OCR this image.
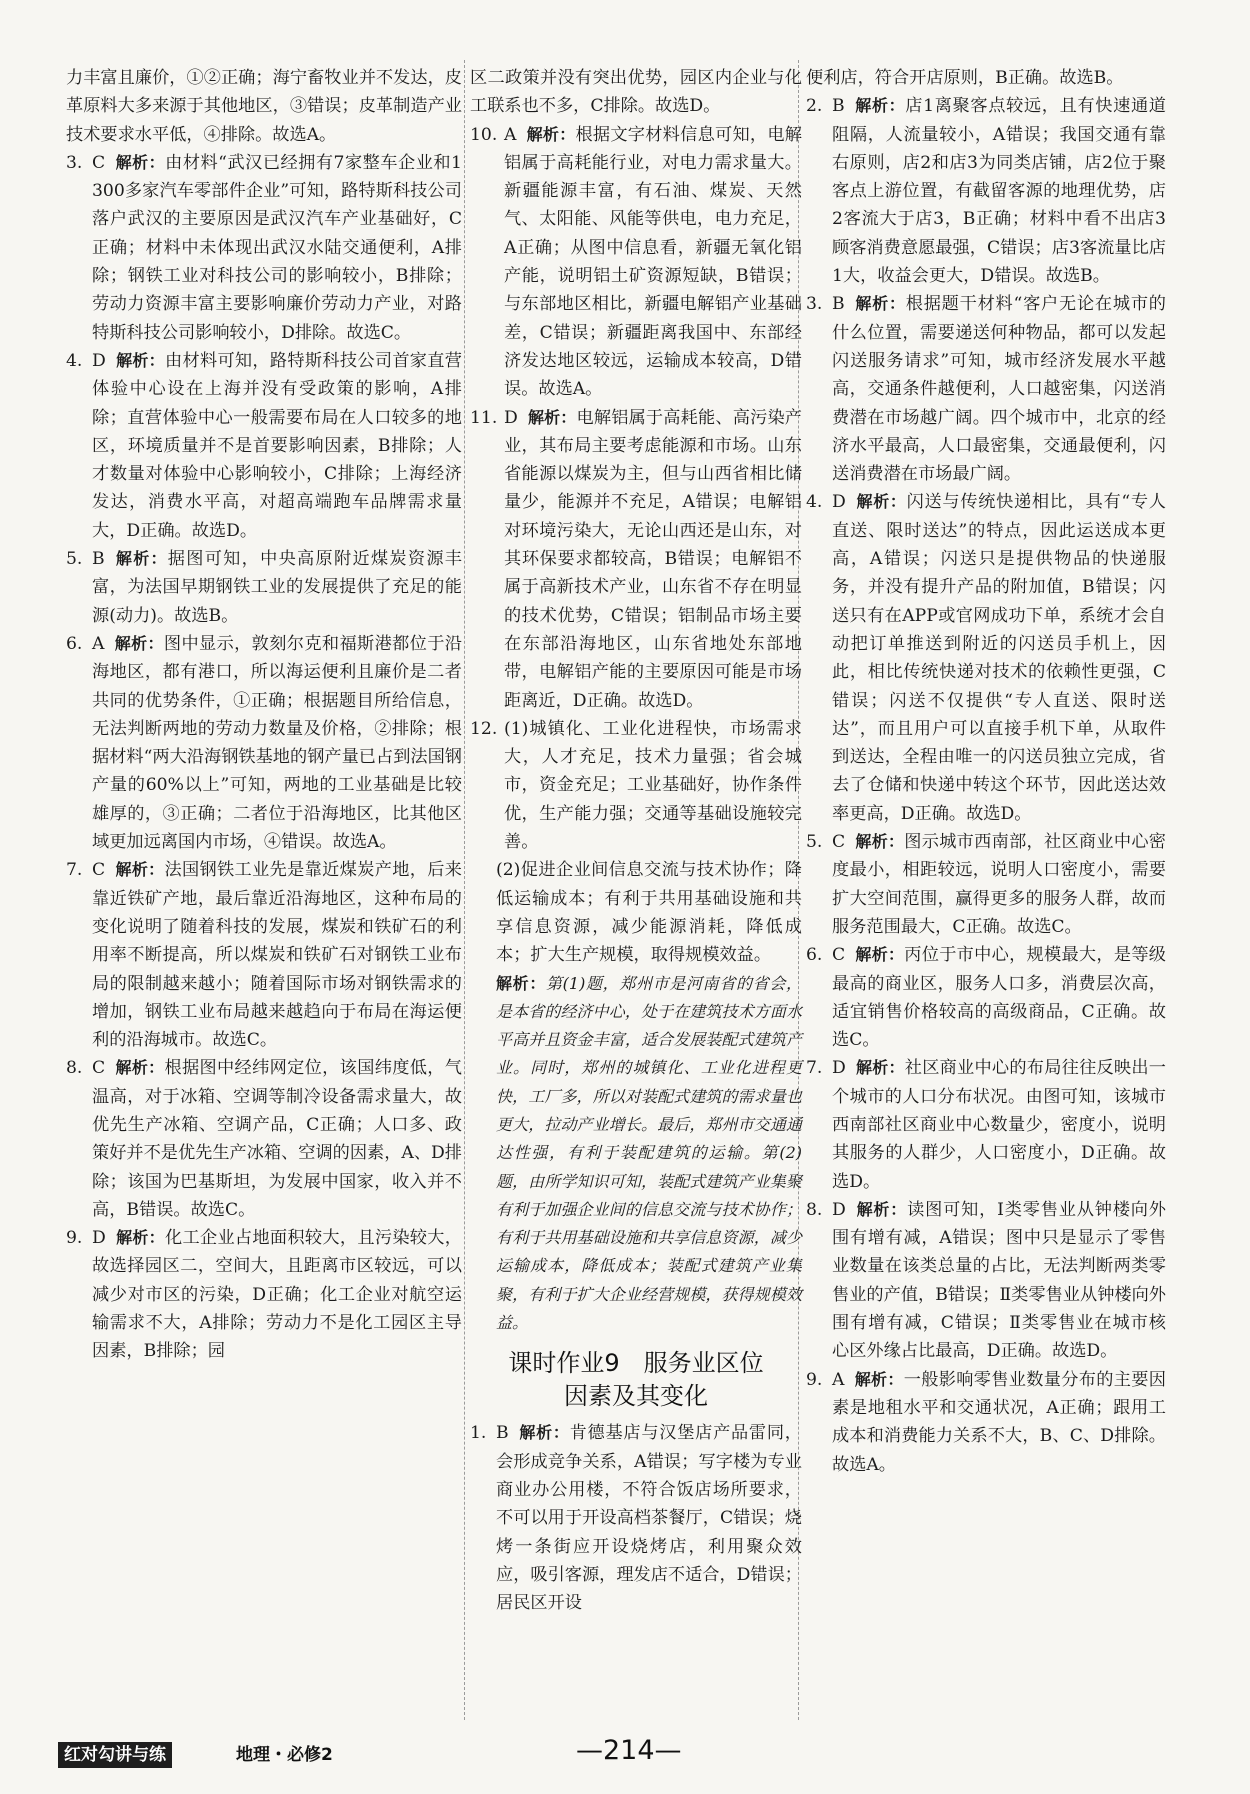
力丰富且廉价，①②正确；海宁畜牧业并不发达，皮革原料大多来源于其他地区，③错误；皮革制造产业技术要求水平低，④排除。故选A。

3. C 解析：由材料“武汉已经拥有7家整车企业和1 300多家汽车零部件企业”可知，路特斯科技公司落户武汉的主要原因是武汉汽车产业基础好，C正确；材料中未体现出武汉水陆交通便利，A排除；钢铁工业对科技公司的影响较小，B排除；劳动力资源丰富主要影响廉价劳动力产业，对路特斯科技公司影响较小，D排除。故选C。

4. D 解析：由材料可知，路特斯科技公司首家直营体验中心设在上海并没有受政策的影响，A排除；直营体验中心一般需要布局在人口较多的地区，环境质量并不是首要影响因素，B排除；人才数量对体验中心影响较小，C排除；上海经济发达，消费水平高，对超高端跑车品牌需求量大，D正确。故选D。

5. B 解析：据图可知，中央高原附近煤炭资源丰富，为法国早期钢铁工业的发展提供了充足的能源(动力)。故选B。

6. A 解析：图中显示，敦刻尔克和福斯港都位于沿海地区，都有港口，所以海运便利且廉价是二者共同的优势条件，①正确；根据题目所给信息，无法判断两地的劳动力数量及价格，②排除；根据材料“两大沿海钢铁基地的钢产量已占到法国钢产量的60%以上”可知，两地的工业基础是比较雄厚的，③正确；二者位于沿海地区，比其他区域更加远离国内市场，④错误。故选A。

7. C 解析：法国钢铁工业先是靠近煤炭产地，后来靠近铁矿产地，最后靠近沿海地区，这种布局的变化说明了随着科技的发展，煤炭和铁矿石的利用率不断提高，所以煤炭和铁矿石对钢铁工业布局的限制越来越小；随着国际市场对钢铁需求的增加，钢铁工业布局越来越趋向于布局在海运便利的沿海城市。故选C。

8. C 解析：根据图中经纬网定位，该国纬度低，气温高，对于冰箱、空调等制冷设备需求量大，故优先生产冰箱、空调产品，C正确；人口多、政策好并不是优先生产冰箱、空调的因素，A、D排除；该国为巴基斯坦，为发展中国家，收入并不高，B错误。故选C。

9. D 解析：化工企业占地面积较大，且污染较大，故选择园区二，空间大，且距离市区较远，可以减少对市区的污染，D正确；化工企业对航空运输需求不大，A排除；劳动力不是化工园区主导因素，B排除；园

区二政策并没有突出优势，园区内企业与化工联系也不多，C排除。故选D。

10. A 解析：根据文字材料信息可知，电解铝属于高耗能行业，对电力需求量大。新疆能源丰富，有石油、煤炭、天然气、太阳能、风能等供电，电力充足，A正确；从图中信息看，新疆无氧化铝产能，说明铝土矿资源短缺，B错误；与东部地区相比，新疆电解铝产业基础差，C错误；新疆距离我国中、东部经济发达地区较远，运输成本较高，D错误。故选A。

11. D 解析：电解铝属于高耗能、高污染产业，其布局主要考虑能源和市场。山东省能源以煤炭为主，但与山西省相比储量少，能源并不充足，A错误；电解铝对环境污染大，无论山西还是山东，对其环保要求都较高，B错误；电解铝不属于高新技术产业，山东省不存在明显的技术优势，C错误；铝制品市场主要在东部沿海地区，山东省地处东部地带，电解铝产能的主要原因可能是市场距离近，D正确。故选D。

12. (1)城镇化、工业化进程快，市场需求大，人才充足，技术力量强；省会城市，资金充足；工业基础好，协作条件优，生产能力强；交通等基础设施较完善。

(2)促进企业间信息交流与技术协作；降低运输成本；有利于共用基础设施和共享信息资源，减少能源消耗，降低成本；扩大生产规模，取得规模效益。

解析：第(1)题，郑州市是河南省的省会，是本省的经济中心，处于在建筑技术方面水平高并且资金丰富，适合发展装配式建筑产业。同时，郑州的城镇化、工业化进程更快，工厂多，所以对装配式建筑的需求量也更大，拉动产业增长。最后，郑州市交通通达性强，有利于装配建筑的运输。第(2)题，由所学知识可知，装配式建筑产业集聚有利于加强企业间的信息交流与技术协作；有利于共用基础设施和共享信息资源，减少运输成本，降低成本；装配式建筑产业集聚，有利于扩大企业经营规模，获得规模效益。

课时作业9　服务业区位
因素及其变化

1. B 解析：肯德基店与汉堡店产品雷同，会形成竞争关系，A错误；写字楼为专业商业办公用楼，不符合饭店场所要求，不可以用于开设高档茶餐厅，C错误；烧烤一条街应开设烧烤店，利用聚众效应，吸引客源，理发店不适合，D错误；居民区开设

便利店，符合开店原则，B正确。故选B。

2. B 解析：店1离聚客点较远，且有快速通道阻隔，人流量较小，A错误；我国交通有靠右原则，店2和店3为同类店铺，店2位于聚客点上游位置，有截留客源的地理优势，店2客流大于店3，B正确；材料中看不出店3顾客消费意愿最强，C错误；店3客流量比店1大，收益会更大，D错误。故选B。

3. B 解析：根据题干材料“客户无论在城市的什么位置，需要递送何种物品，都可以发起闪送服务请求”可知，城市经济发展水平越高，交通条件越便利，人口越密集，闪送消费潜在市场越广阔。四个城市中，北京的经济水平最高，人口最密集，交通最便利，闪送消费潜在市场最广阔。

4. D 解析：闪送与传统快递相比，具有“专人直送、限时送达”的特点，因此运送成本更高，A错误；闪送只是提供物品的快递服务，并没有提升产品的附加值，B错误；闪送只有在APP或官网成功下单，系统才会自动把订单推送到附近的闪送员手机上，因此，相比传统快递对技术的依赖性更强，C错误；闪送不仅提供“专人直送、限时送达”，而且用户可以直接手机下单，从取件到送达，全程由唯一的闪送员独立完成，省去了仓储和快递中转这个环节，因此送达效率更高，D正确。故选D。

5. C 解析：图示城市西南部，社区商业中心密度最小，相距较远，说明人口密度小，需要扩大空间范围，赢得更多的服务人群，故而服务范围最大，C正确。故选C。

6. C 解析：丙位于市中心，规模最大，是等级最高的商业区，服务人口多，消费层次高，适宜销售价格较高的高级商品，C正确。故选C。

7. D 解析：社区商业中心的布局往往反映出一个城市的人口分布状况。由图可知，该城市西南部社区商业中心数量少，密度小，说明其服务的人群少，人口密度小，D正确。故选D。

8. D 解析：读图可知，Ⅰ类零售业从钟楼向外围有增有减，A错误；图中只是显示了零售业数量在该类总量的占比，无法判断两类零售业的产值，B错误；Ⅱ类零售业从钟楼向外围有增有减，C错误；Ⅱ类零售业在城市核心区外缘占比最高，D正确。故选D。

9. A 解析：一般影响零售业数量分布的主要因素是地租水平和交通状况，A正确；跟用工成本和消费能力关系不大，B、C、D排除。故选A。

红对勾讲与练	地理・必修2	—214—
